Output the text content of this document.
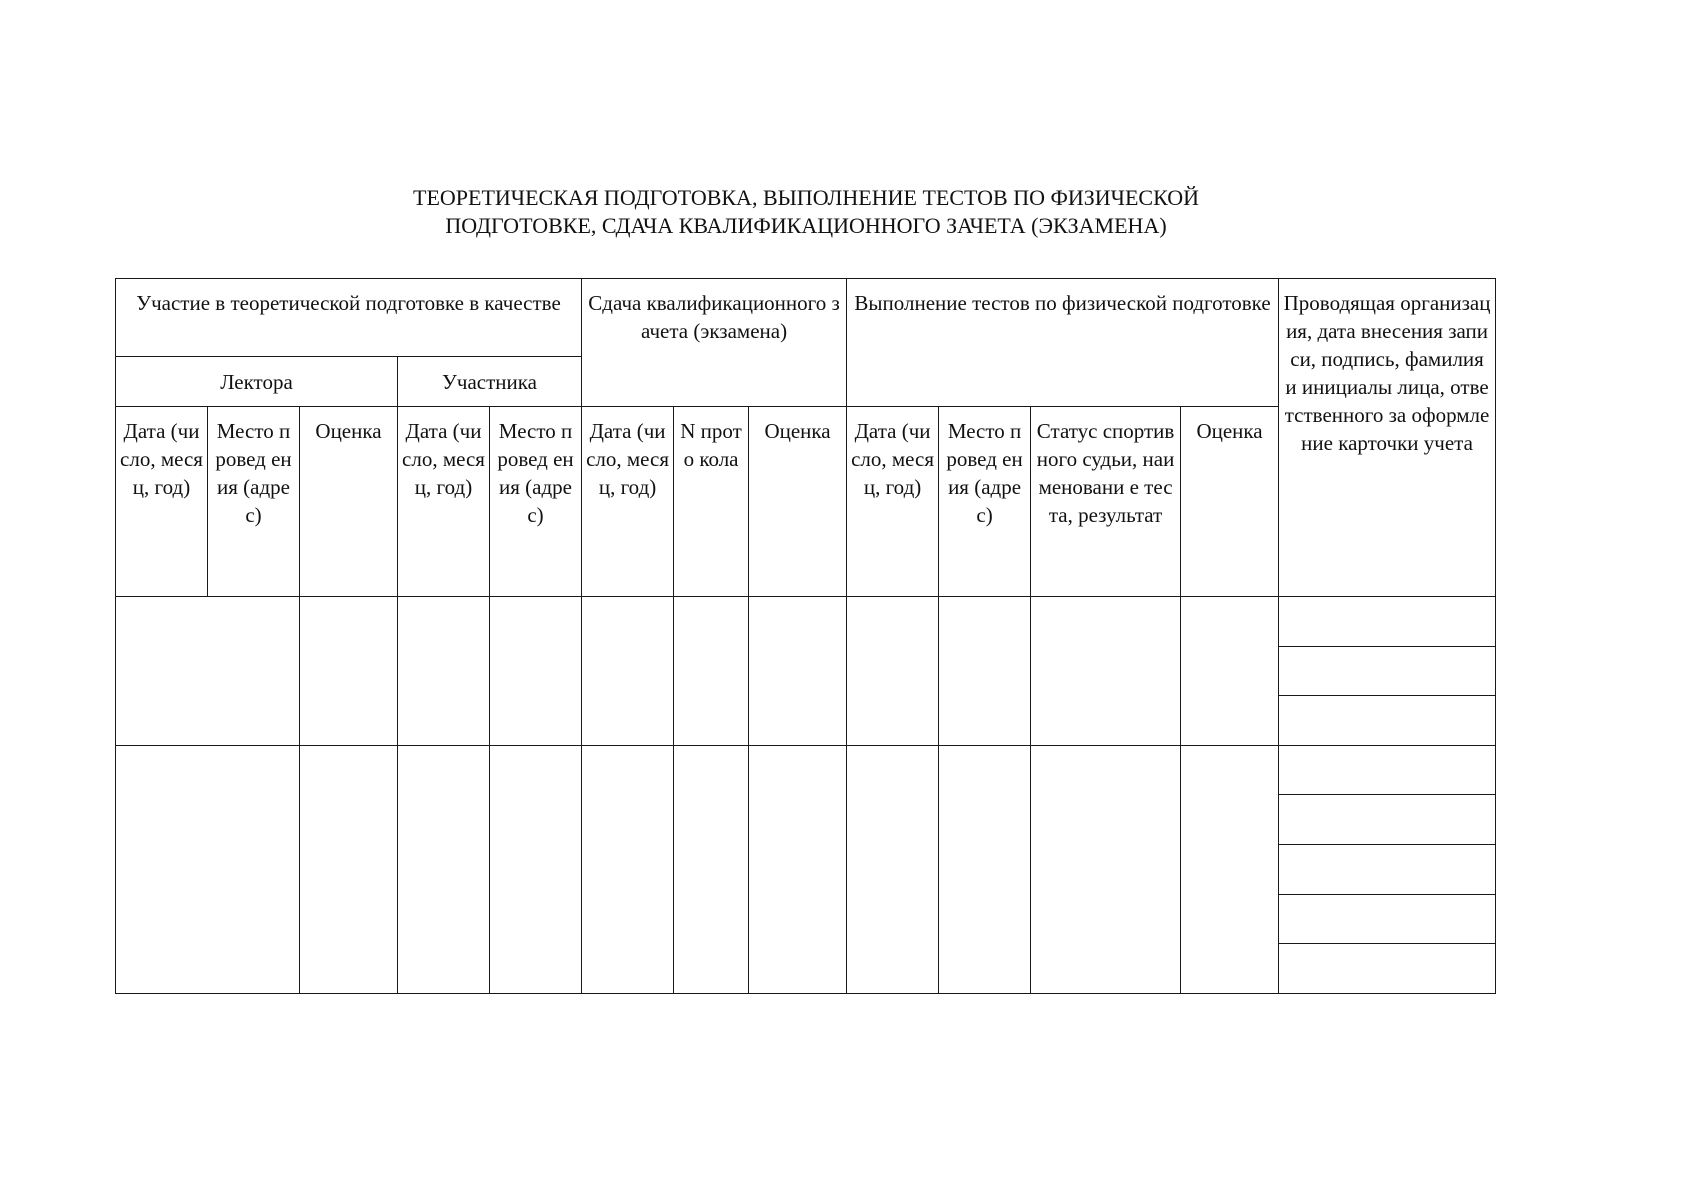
ТЕОРЕТИЧЕСКАЯ ПОДГОТОВКА, ВЫПОЛНЕНИЕ ТЕСТОВ ПО ФИЗИЧЕСКОЙ
ПОДГОТОВКЕ, СДАЧА КВАЛИФИКАЦИОННОГО ЗАЧЕТА (ЭКЗАМЕНА)
Участие в теоретической подготовке в качестве					Сдача квалификационного зачета (экзамена)			Выполнение тестов по физической подготовке				Проводящая организация, дата внесения записи, подпись, фамилия и инициалы лица, ответственного за оформление карточки учета
Лектора			Участника									
Дата (число, месяц, год)	Место провед ения (адрес)	Оценка	Дата (число, месяц, год)	Место провед ения (адрес)	Дата (число, месяц, год)	N прото кола	Оценка	Дата (число, месяц, год)	Место провед ения (адрес)	Статус спортивного судьи, наименовани е теста, результат	Оценка	
